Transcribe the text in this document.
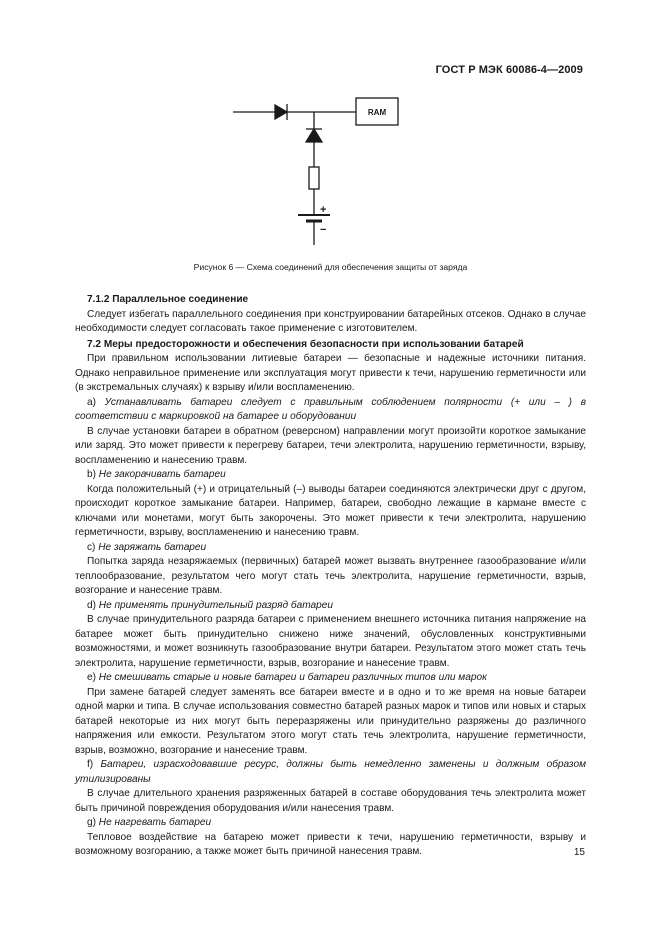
ГОСТ Р МЭК 60086-4—2009
RAM
+
−
Рисунок 6 — Схема соединений для обеспечения защиты от заряда

7.1.2 Параллельное соединение

Следует избегать параллельного соединения при конструировании батарейных отсеков. Однако в случае необходимости следует согласовать такое применение с изготовителем.

7.2 Меры предосторожности и обеспечения безопасности при использовании батарей

При правильном использовании литиевые батареи — безопасные и надежные источники питания. Однако неправильное применение или эксплуатация могут привести к течи, нарушению герметичности или (в экстремальных случаях) к взрыву и/или воспламенению.

а) Устанавливать батареи следует с правильным соблюдением полярности (+ или – ) в соответствии с маркировкой на батарее и оборудовании

В случае установки батареи в обратном (реверсном) направлении могут произойти короткое замыкание или заряд. Это может привести к перегреву батареи, течи электролита, нарушению герметичности, взрыву, воспламенению и нанесению травм.

b) Не закорачивать батареи

Когда положительный (+) и отрицательный (–) выводы батареи соединяются электрически друг с другом, происходит короткое замыкание батареи. Например, батареи, свободно лежащие в кармане вместе с ключами или монетами, могут быть закорочены. Это может привести к течи электролита, нарушению герметичности, взрыву, воспламенению и нанесению травм.

с) Не заряжать батареи

Попытка заряда незаряжаемых (первичных) батарей может вызвать внутреннее газообразование и/или теплообразование, результатом чего могут стать течь электролита, нарушение герметичности, взрыв, возгорание и нанесение травм.

d) Не применять принудительный разряд батареи

В случае принудительного разряда батареи с применением внешнего источника питания напряжение на батарее может быть принудительно снижено ниже значений, обусловленных конструктивными возможностями, и может возникнуть газообразование внутри батареи. Результатом этого может стать течь электролита, нарушение герметичности, взрыв, возгорание и нанесение травм.

е) Не смешивать старые и новые батареи и батареи различных типов или марок

При замене батарей следует заменять все батареи вместе и в одно и то же время на новые батареи одной марки и типа. В случае использования совместно батарей разных марок и типов или новых и старых батарей некоторые из них могут быть переразряжены или принудительно разряжены до различного напряжения или емкости. Результатом этого могут стать течь электролита, нарушение герметичности, взрыв, возможно, возгорание и нанесение травм.

f) Батареи, израсходовавшие ресурс, должны быть немедленно заменены и должным образом утилизированы

В случае длительного хранения разряженных батарей в составе оборудования течь электролита может быть причиной повреждения оборудования и/или нанесения травм.

g) Не нагревать батареи

Тепловое воздействие на батарею может привести к течи, нарушению герметичности, взрыву и возможному возгоранию, а также может быть причиной нанесения травм.	15
